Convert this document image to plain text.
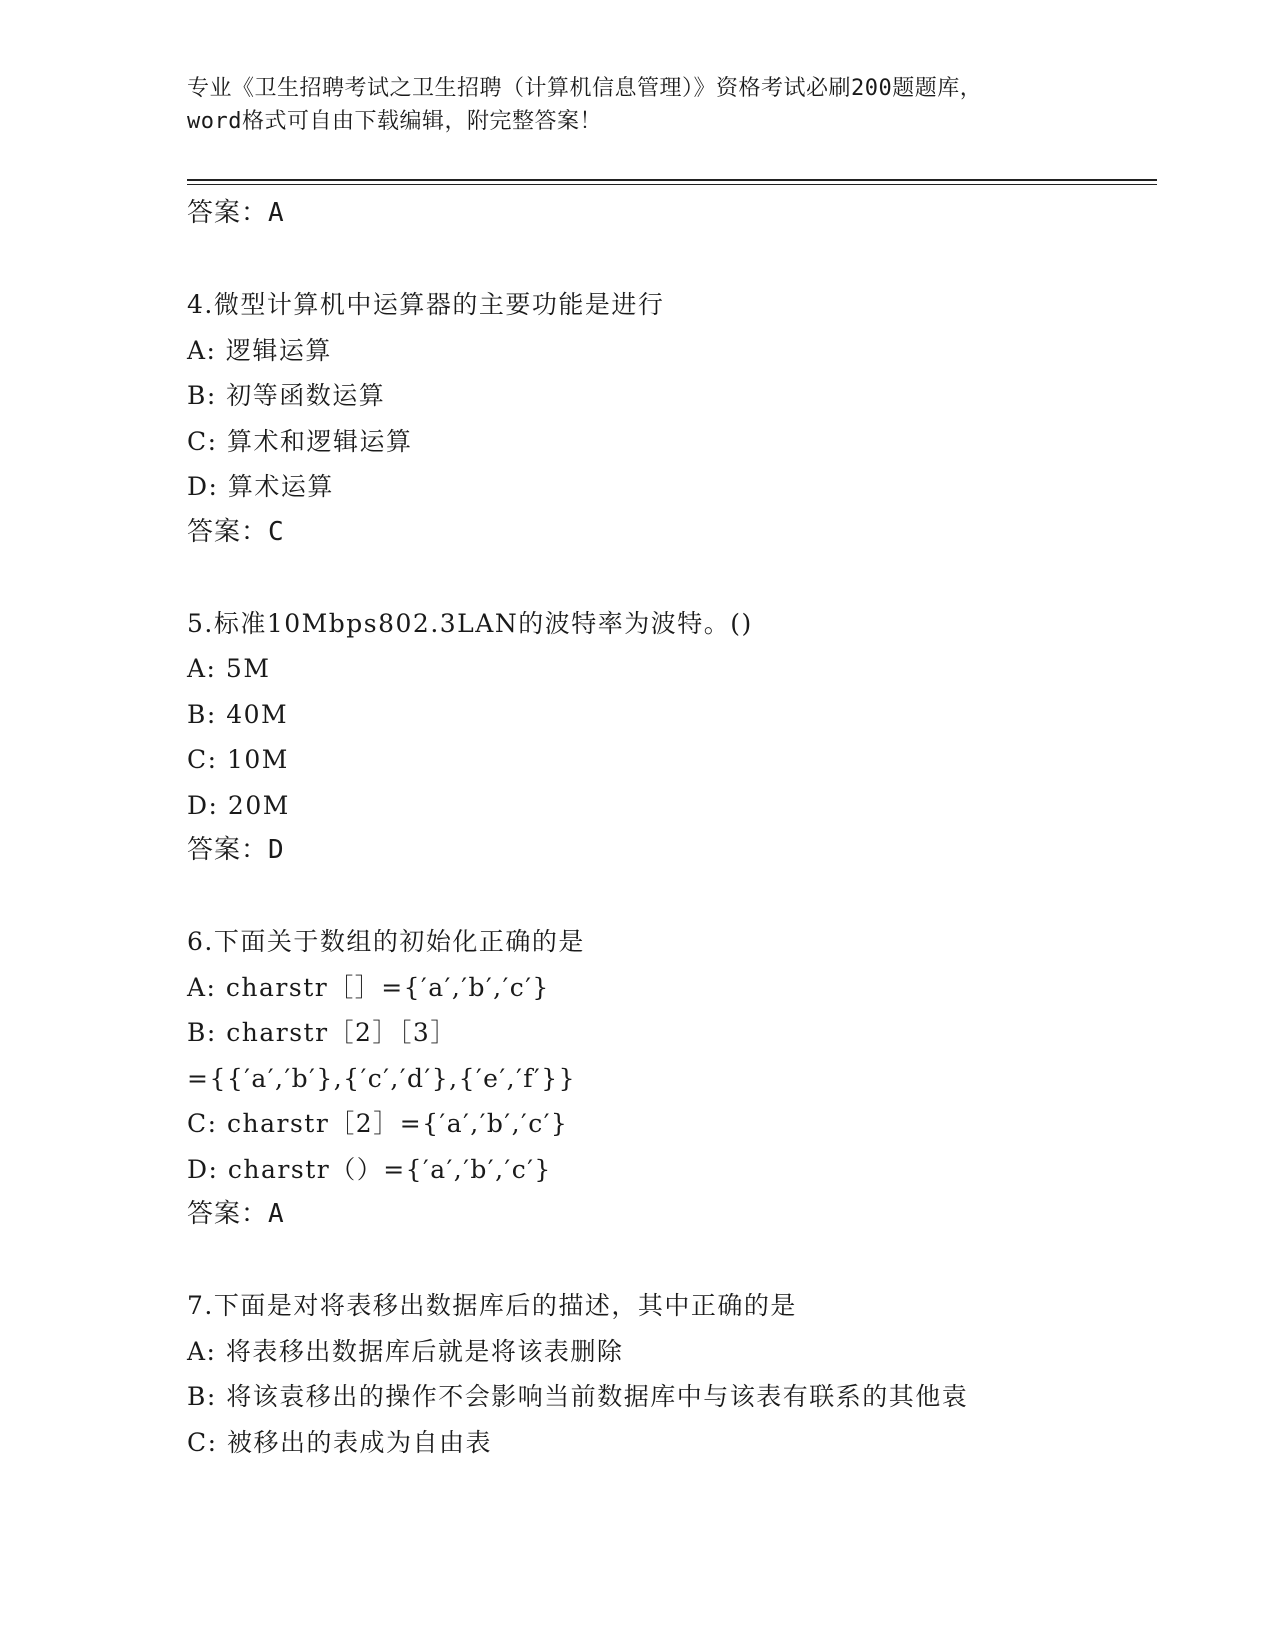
专业《卫生招聘考试之卫生招聘（计算机信息管理）》资格考试必刷200题题库，
word格式可自由下载编辑，附完整答案！
答案：A
4.微型计算机中运算器的主要功能是进行
A: 逻辑运算
B: 初等函数运算
C: 算术和逻辑运算
D: 算术运算
答案：C
5.标准10Mbps802.3LAN的波特率为波特。()
A: 5M
B: 40M
C: 10M
D: 20M
答案：D
6.下面关于数组的初始化正确的是
A: charstr［］={′a′,′b′,′c′}
B: charstr［2］［3］
={{′a′,′b′},{′c′,′d′},{′e′,′f′}}
C: charstr［2］={′a′,′b′,′c′}
D: charstr（）={′a′,′b′,′c′}
答案：A
7.下面是对将表移出数据库后的描述，其中正确的是
A: 将表移出数据库后就是将该表删除
B: 将该袁移出的操作不会影响当前数据库中与该表有联系的其他袁
C: 被移出的表成为自由表
